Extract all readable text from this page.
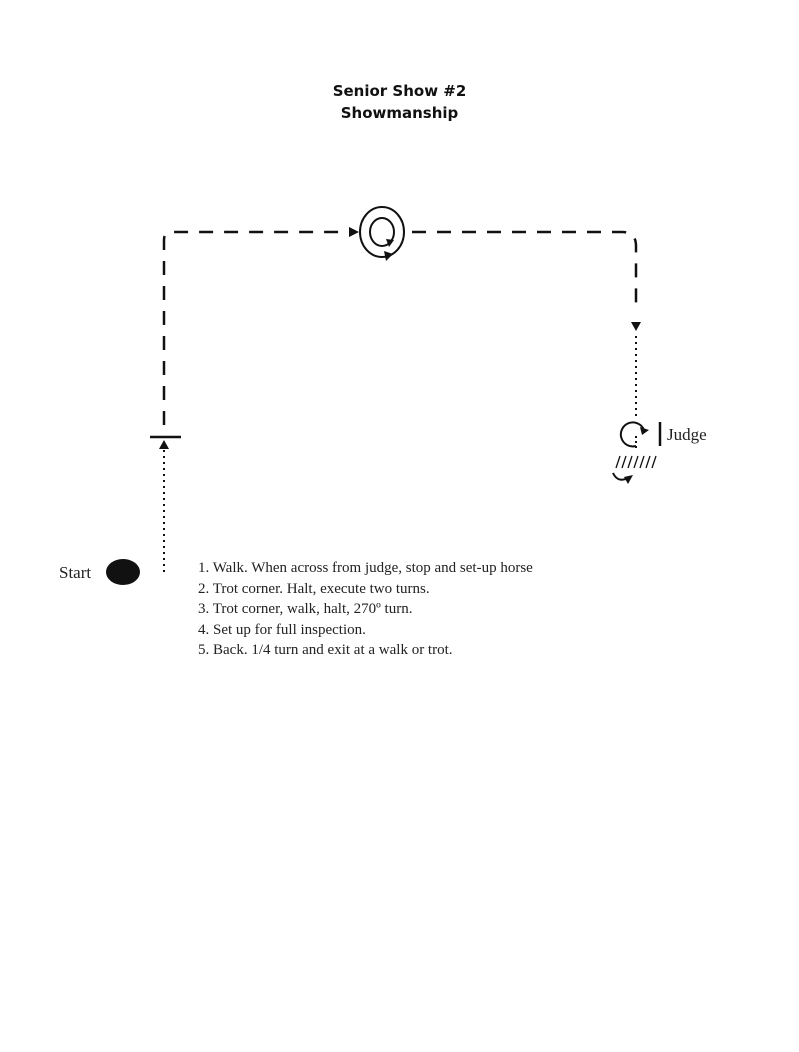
Senior Show #2
Showmanship
Start
Judge
1. Walk. When across from judge, stop and set-up horse
2. Trot corner. Halt, execute two turns.
3. Trot corner, walk, halt, 270º turn.
4. Set up for full inspection.
5. Back. 1/4 turn and exit at a walk or trot.
